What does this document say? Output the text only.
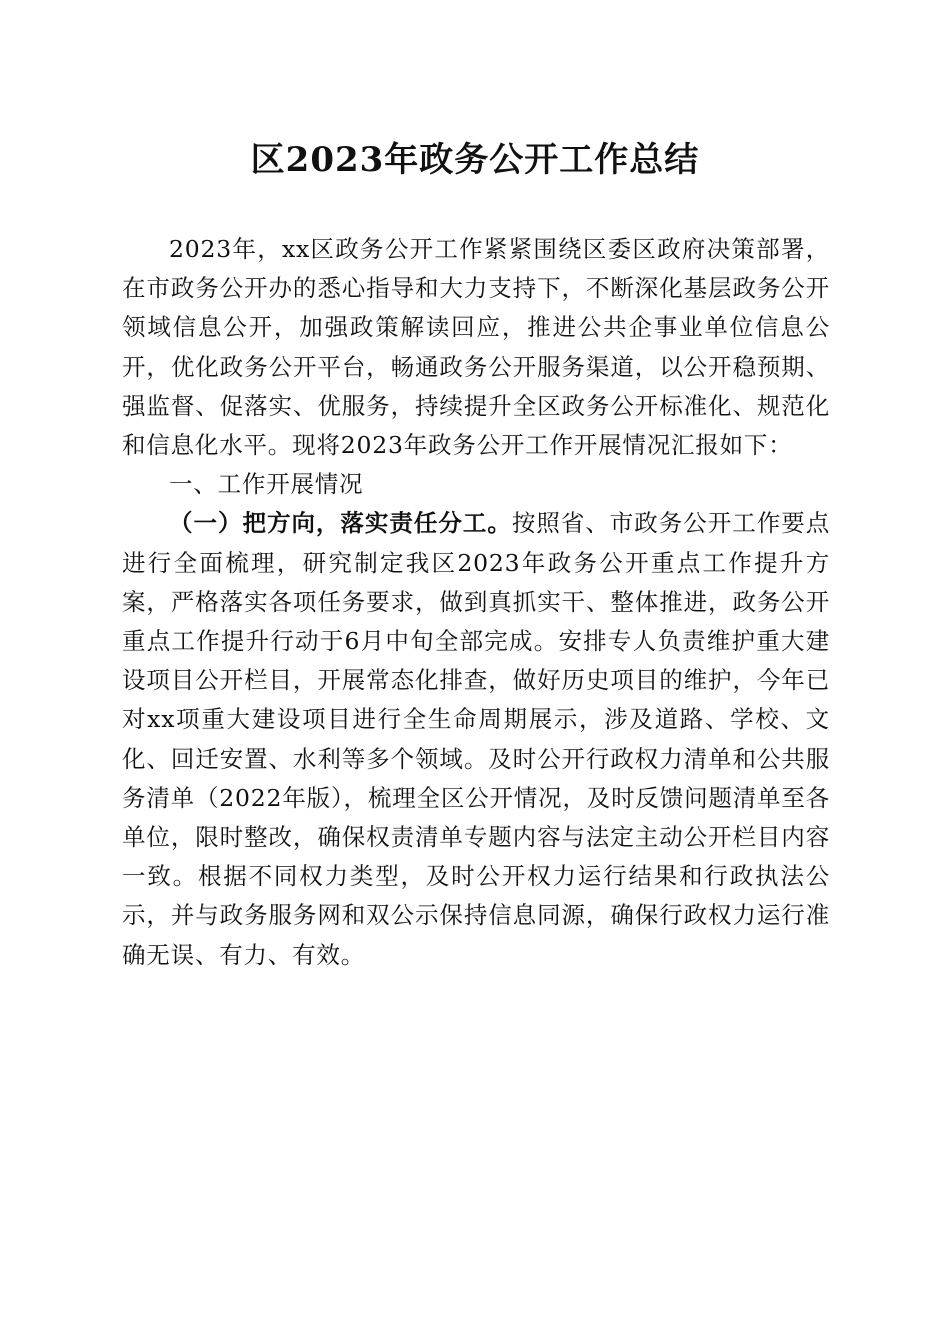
区2023年政务公开工作总结

2023年，xx区政务公开工作紧紧围绕区委区政府决策部署，在市政务公开办的悉心指导和大力支持下，不断深化基层政务公开领域信息公开，加强政策解读回应，推进公共企事业单位信息公开，优化政务公开平台，畅通政务公开服务渠道，以公开稳预期、强监督、促落实、优服务，持续提升全区政务公开标准化、规范化和信息化水平。现将2023年政务公开工作开展情况汇报如下：

一、工作开展情况

（一）把方向，落实责任分工。按照省、市政务公开工作要点进行全面梳理，研究制定我区2023年政务公开重点工作提升方案，严格落实各项任务要求，做到真抓实干、整体推进，政务公开重点工作提升行动于6月中旬全部完成。安排专人负责维护重大建设项目公开栏目，开展常态化排查，做好历史项目的维护，今年已对xx项重大建设项目进行全生命周期展示，涉及道路、学校、文化、回迁安置、水利等多个领域。及时公开行政权力清单和公共服务清单（2022年版），梳理全区公开情况，及时反馈问题清单至各单位，限时整改，确保权责清单专题内容与法定主动公开栏目内容一致。根据不同权力类型，及时公开权力运行结果和行政执法公示，并与政务服务网和双公示保持信息同源，确保行政权力运行准确无误、有力、有效。
